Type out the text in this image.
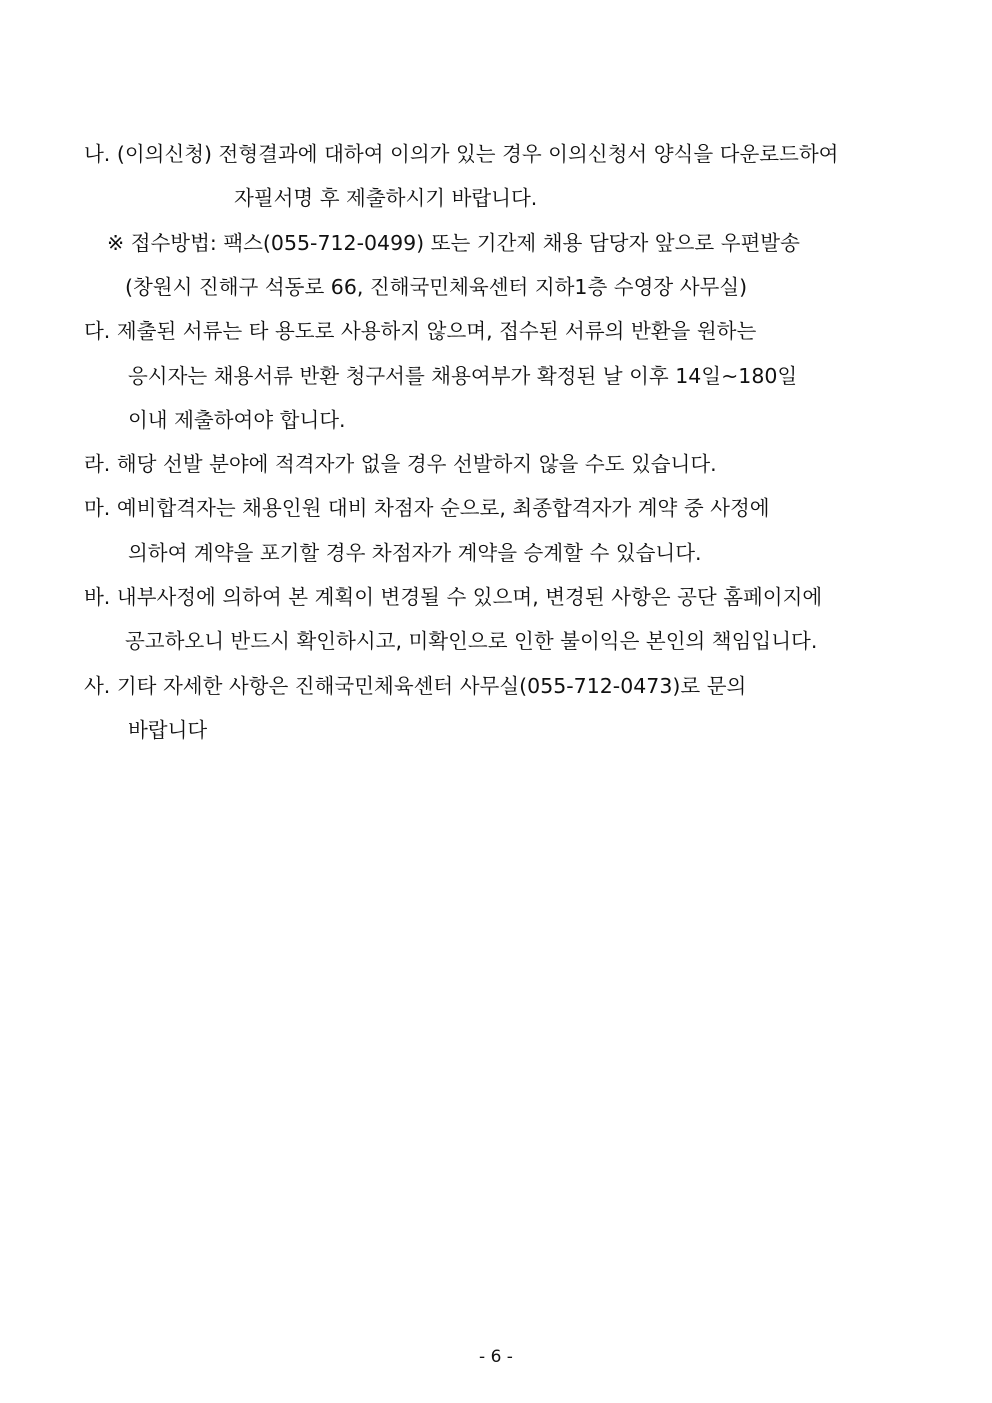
나. (이의신청) 전형결과에 대하여 이의가 있는 경우 이의신청서 양식을 다운로드하여
자필서명 후 제출하시기 바랍니다.
※ 접수방법: 팩스(055-712-0499) 또는 기간제 채용 담당자 앞으로 우편발송
(창원시 진해구 석동로 66, 진해국민체육센터 지하1층 수영장 사무실)
다. 제출된 서류는 타 용도로 사용하지 않으며, 접수된 서류의 반환을 원하는
응시자는 채용서류 반환 청구서를 채용여부가 확정된 날 이후 14일~180일
이내 제출하여야 합니다.
라. 해당 선발 분야에 적격자가 없을 경우 선발하지 않을 수도 있습니다.
마. 예비합격자는 채용인원 대비 차점자 순으로, 최종합격자가 계약 중 사정에
의하여 계약을 포기할 경우 차점자가 계약을 승계할 수 있습니다.
바. 내부사정에 의하여 본 계획이 변경될 수 있으며, 변경된 사항은 공단 홈페이지에
공고하오니 반드시 확인하시고, 미확인으로 인한 불이익은 본인의 책임입니다.
사. 기타 자세한 사항은 진해국민체육센터 사무실(055-712-0473)로 문의
바랍니다
- 6 -
